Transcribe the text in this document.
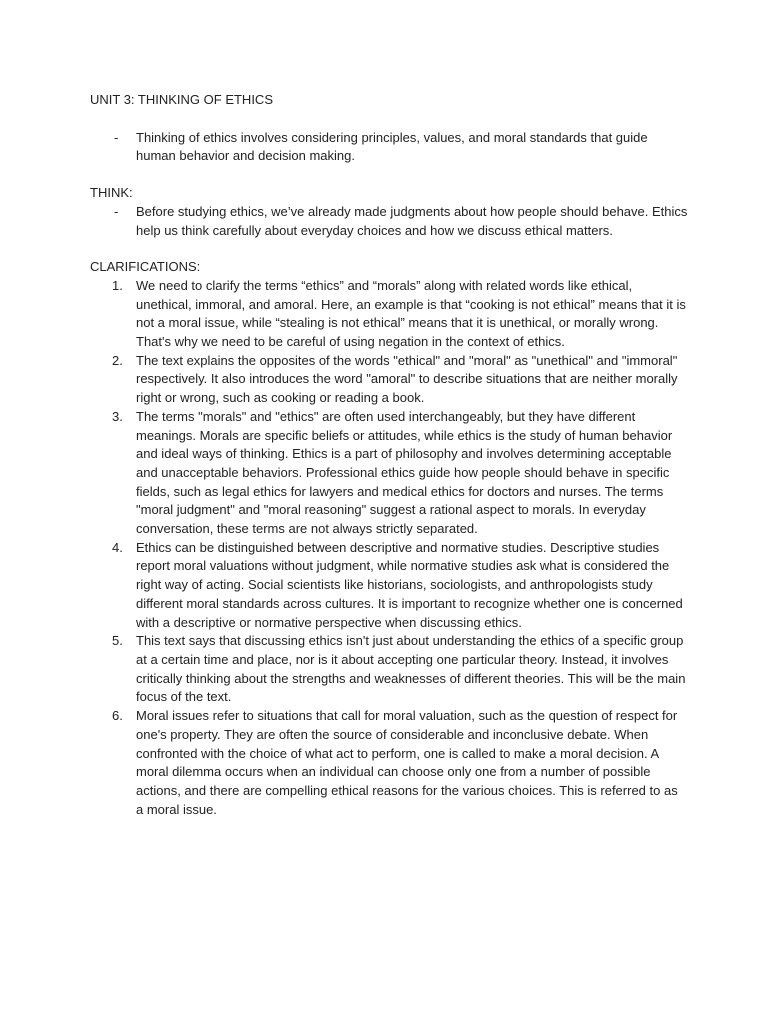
UNIT 3: THINKING OF ETHICS

- Thinking of ethics involves considering principles, values, and moral standards that guide human behavior and decision making.

THINK:

- Before studying ethics, we’ve already made judgments about how people should behave. Ethics help us think carefully about everyday choices and how we discuss ethical matters.

CLARIFICATIONS:

1. We need to clarify the terms “ethics” and “morals” along with related words like ethical, unethical, immoral, and amoral. Here, an example is that “cooking is not ethical” means that it is not a moral issue, while “stealing is not ethical” means that it is unethical, or morally wrong. That's why we need to be careful of using negation in the context of ethics.
2. The text explains the opposites of the words "ethical" and "moral" as "unethical" and "immoral" respectively. It also introduces the word "amoral" to describe situations that are neither morally right or wrong, such as cooking or reading a book.
3. The terms "morals" and "ethics" are often used interchangeably, but they have different meanings. Morals are specific beliefs or attitudes, while ethics is the study of human behavior and ideal ways of thinking. Ethics is a part of philosophy and involves determining acceptable and unacceptable behaviors. Professional ethics guide how people should behave in specific fields, such as legal ethics for lawyers and medical ethics for doctors and nurses. The terms "moral judgment" and "moral reasoning" suggest a rational aspect to morals. In everyday conversation, these terms are not always strictly separated.
4. Ethics can be distinguished between descriptive and normative studies. Descriptive studies report moral valuations without judgment, while normative studies ask what is considered the right way of acting. Social scientists like historians, sociologists, and anthropologists study different moral standards across cultures. It is important to recognize whether one is concerned with a descriptive or normative perspective when discussing ethics.
5. This text says that discussing ethics isn't just about understanding the ethics of a specific group at a certain time and place, nor is it about accepting one particular theory. Instead, it involves critically thinking about the strengths and weaknesses of different theories. This will be the main focus of the text.
6. Moral issues refer to situations that call for moral valuation, such as the question of respect for one's property. They are often the source of considerable and inconclusive debate. When confronted with the choice of what act to perform, one is called to make a moral decision. A moral dilemma occurs when an individual can choose only one from a number of possible actions, and there are compelling ethical reasons for the various choices. This is referred to as a moral issue.
